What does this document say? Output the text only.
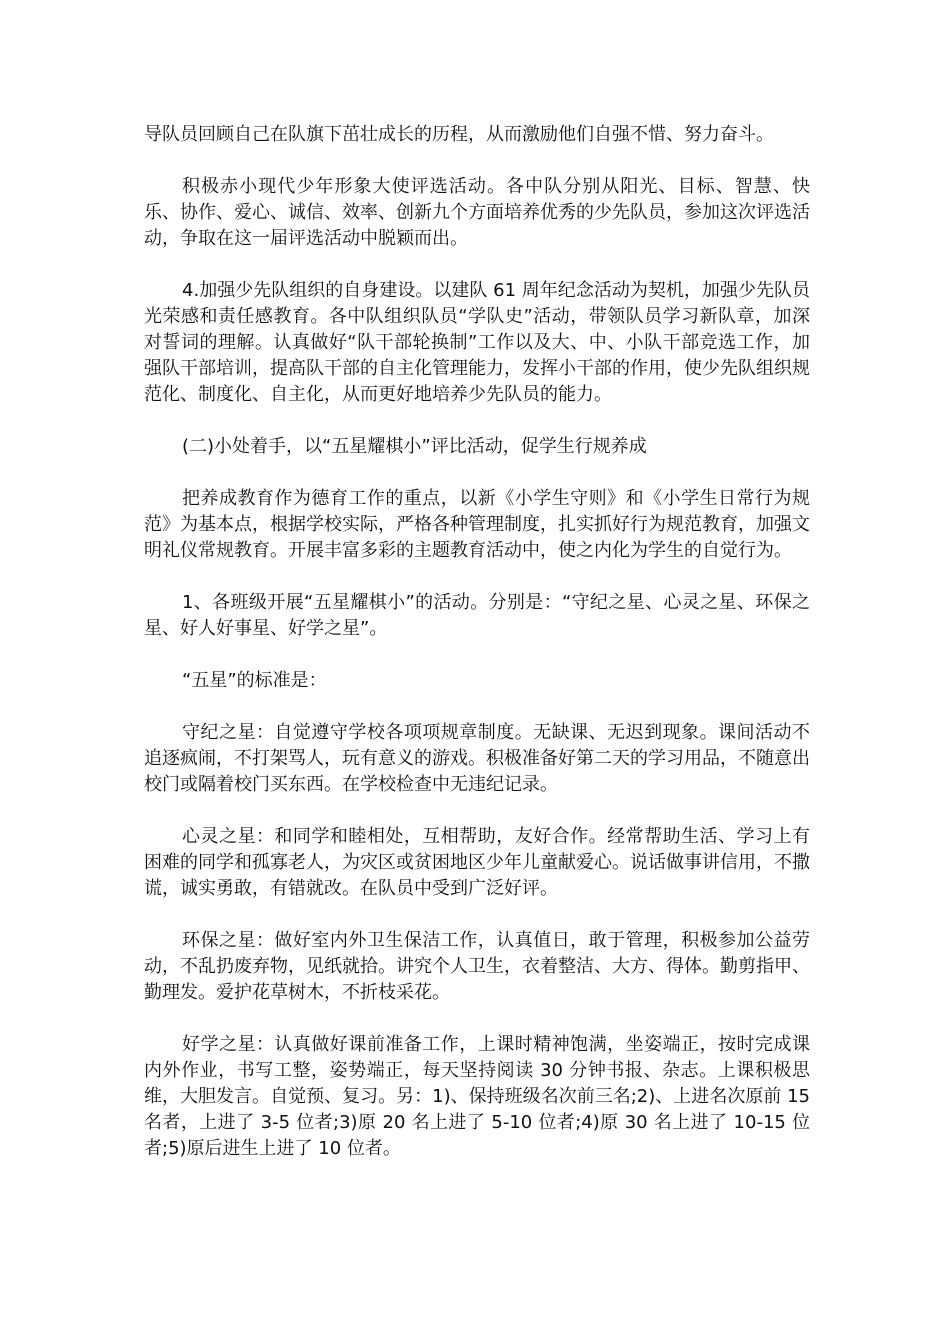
导队员回顾自己在队旗下茁壮成长的历程，从而激励他们自强不惜、努力奋斗。

积极赤小现代少年形象大使评选活动。各中队分别从阳光、目标、智慧、快乐、协作、爱心、诚信、效率、创新九个方面培养优秀的少先队员，参加这次评选活动，争取在这一届评选活动中脱颖而出。

4.加强少先队组织的自身建设。以建队 61 周年纪念活动为契机，加强少先队员光荣感和责任感教育。各中队组织队员“学队史”活动，带领队员学习新队章，加深对誓词的理解。认真做好“队干部轮换制”工作以及大、中、小队干部竞选工作，加强队干部培训，提高队干部的自主化管理能力，发挥小干部的作用，使少先队组织规范化、制度化、自主化，从而更好地培养少先队员的能力。

(二)小处着手，以“五星耀棋小”评比活动，促学生行规养成

把养成教育作为德育工作的重点，以新《小学生守则》和《小学生日常行为规范》为基本点，根据学校实际，严格各种管理制度，扎实抓好行为规范教育，加强文明礼仪常规教育。开展丰富多彩的主题教育活动中，使之内化为学生的自觉行为。

1、各班级开展“五星耀棋小”的活动。分别是：“守纪之星、心灵之星、环保之星、好人好事星、好学之星”。

“五星”的标准是：

守纪之星：自觉遵守学校各项项规章制度。无缺课、无迟到现象。课间活动不追逐疯闹，不打架骂人，玩有意义的游戏。积极准备好第二天的学习用品，不随意出校门或隔着校门买东西。在学校检查中无违纪记录。

心灵之星：和同学和睦相处，互相帮助，友好合作。经常帮助生活、学习上有困难的同学和孤寡老人，为灾区或贫困地区少年儿童献爱心。说话做事讲信用，不撒谎，诚实勇敢，有错就改。在队员中受到广泛好评。

环保之星：做好室内外卫生保洁工作，认真值日，敢于管理，积极参加公益劳动，不乱扔废弃物，见纸就拾。讲究个人卫生，衣着整洁、大方、得体。勤剪指甲、勤理发。爱护花草树木，不折枝采花。

好学之星：认真做好课前准备工作，上课时精神饱满，坐姿端正，按时完成课内外作业，书写工整，姿势端正，每天坚持阅读 30 分钟书报、杂志。上课积极思维，大胆发言。自觉预、复习。另：1)、保持班级名次前三名;2)、上进名次原前 15 名者，上进了 3-5 位者;3)原 20 名上进了 5-10 位者;4)原 30 名上进了 10-15 位者;5)原后进生上进了 10 位者。
